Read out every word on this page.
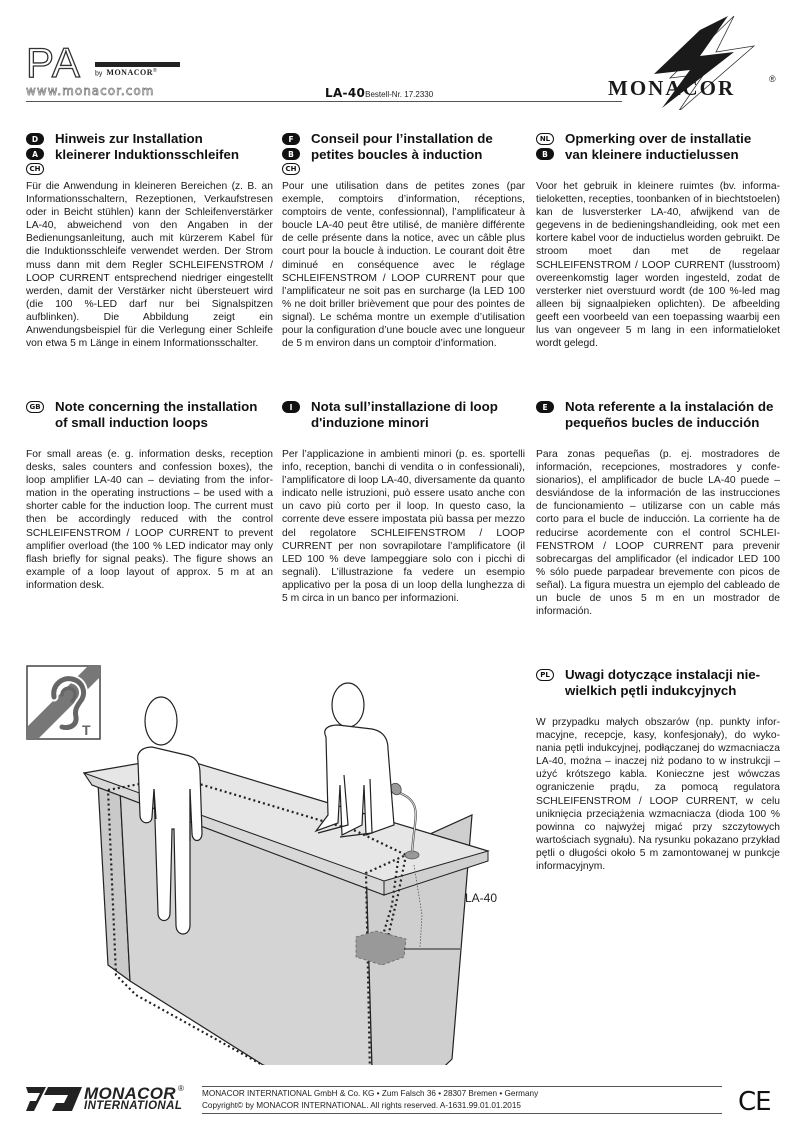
PA by MONACOR®
www.monacor.com	LA-40Bestell-Nr. 17.2330	MONACOR	®
D
A
CH
Hinweis zur Installation
kleinerer Induktionsschleifen

Für die Anwendung in kleineren Bereichen (z. B. an Informationsschaltern, Rezeptionen, Verkaufstresen oder in Beicht stühlen) kann der Schleifenverstärker LA-40, abweichend von den Angaben in der Bedienungsanleitung, auch mit kürzerem Kabel für die Induktionsschleife verwendet werden. Der Strom muss dann mit dem Regler SCHLEIFENSTROM / LOOP CURRENT entsprechend niedriger eingestellt werden, damit der Verstärker nicht übersteuert wird (die 100 %-LED darf nur bei Signalspitzen aufblinken). Die Abbildung zeigt ein Anwendungsbeispiel für die Verlegung einer Schleife von etwa 5 m Länge in einem Informationsschalter.

F
B
CH
Conseil pour l’installation de
petites boucles à induction

Pour une utilisation dans de petites zones (par exemple, comptoirs d’information, réceptions, comptoirs de vente, confessionnal), l’amplificateur à boucle LA-40 peut être utilisé, de manière différente de celle présente dans la notice, avec un câble plus court pour la boucle à induction. Le courant doit être diminué en conséquence avec le réglage SCHLEIFENSTROM / LOOP CURRENT pour que l’amplificateur ne soit pas en surcharge (la LED 100 % ne doit briller brièvement que pour des pointes de signal). Le schéma montre un exemple d’utilisation pour la configuration d’une boucle avec une longueur de 5 m environ dans un comptoir d’information.

NL
B
Opmerking over de installatie
van kleinere inductielussen

Voor het gebruik in kleinere ruimtes (bv. informatieloketten, recepties, toonbanken of in biechtstoelen) kan de lusversterker LA-40, afwijkend van de gegevens in de bedieningshandleiding, ook met een kortere kabel voor de inductielus worden gebruikt. De stroom moet dan met de regelaar SCHLEIFENSTROM / LOOP CURRENT (lusstroom) overeenkomstig lager worden ingesteld, zodat de versterker niet overstuurd wordt (de 100 %-led mag alleen bij signaalpieken oplichten). De afbeelding geeft een voorbeeld van een toepassing waarbij een lus van ongeveer 5 m lang in een informatieloket wordt gelegd.

GB Note concerning the installation
of small induction loops

For small areas (e. g. information desks, reception desks, sales counters and confession boxes), the loop amplifier LA-40 can – deviating from the information in the operating instructions – be used with a shorter cable for the induction loop. The current must then be accordingly reduced with the control SCHLEIFENSTROM / LOOP CURRENT to prevent amplifier overload (the 100 % LED indicator may only flash briefly for signal peaks). The figure shows an example of a loop layout of approx. 5 m at an information desk.

I	Nota sull’installazione di loop
d'induzione minori

Per l’applicazione in ambienti minori (p. es. sportelli info, reception, banchi di vendita o in confessionali), l’amplificatore di loop LA-40, diversamente da quanto indicato nelle istruzioni, può essere usato anche con un cavo più corto per il loop. In questo caso, la corrente deve essere impostata più bassa per mezzo del regolatore SCHLEIFENSTROM / LOOP CURRENT per non sovrapilotare l’amplificatore (il LED 100 % deve lampeggiare solo con i picchi di segnali). L’illustrazione fa vedere un esempio applicativo per la posa di un loop della lunghezza di 5 m circa in un banco per informazioni.

E	Nota referente a la instalación de
pequeños bucles de inducción

Para zonas pequeñas (p. ej. mostradores de información, recepciones, mostradores y confesionarios), el amplificador de bucle LA-40 puede – desviándose de la información de las instrucciones de funcionamiento – utilizarse con un cable más corto para el bucle de inducción. La corriente ha de reducirse acordemente con el control SCHLEIFENSTROM / LOOP CURRENT para prevenir sobrecargas del amplificador (el indicador LED 100 % sólo puede parpadear brevemente con picos de señal). La figura muestra un ejemplo del cableado de un bucle de unos 5 m en un mostrador de información.

PL	Uwagi dotyczące instalacji nie-
wielkich pętli indukcyjnych

W przypadku małych obszarów (np. punkty informacyjne, recepcje, kasy, konfesjonały), do wykonania pętli indukcyjnej, podłączanej do wzmacniacza LA-40, można – inaczej niż podano to w instrukcji – użyć krótszego kabla. Konieczne jest wówczas ograniczenie prądu, za pomocą regulatora SCHLEIFENSTROM / LOOP CURRENT, w celu uniknięcia przeciążenia wzmacniacza (dioda 100 % powinna co najwyżej migać przy szczytowych wartościach sygnału). Na rysunku pokazano przykład pętli o długości około 5 m zamontowanej w punkcje informacyjnym.

T
LA-40
MONACOR ®
INTERNATIONAL
MONACOR INTERNATIONAL GmbH & Co. KG • Zum Falsch 36 • 28307 Bremen • Germany
Copyright© by MONACOR INTERNATIONAL. All rights reserved. A-1631.99.01.01.2015	CE
